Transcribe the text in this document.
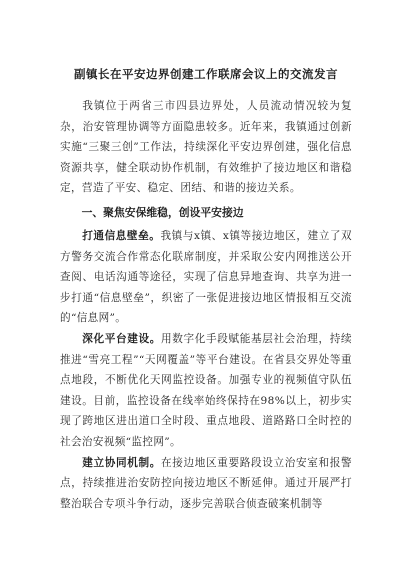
副镇长在平安边界创建工作联席会议上的交流发言

我镇位于两省三市四县边界处，人员流动情况较为复杂，治安管理协调等方面隐患较多。近年来，我镇通过创新实施“三聚三创”工作法，持续深化平安边界创建，强化信息资源共享，健全联动协作机制，有效维护了接边地区和谐稳定，营造了平安、稳定、团结、和谐的接边关系。

一、聚焦安保维稳，创设平安接边

打通信息壁垒。我镇与x镇、x镇等接边地区，建立了双方警务交流合作常态化联席制度，并采取公安内网推送公开查阅、电话沟通等途径，实现了信息异地查询、共享为进一步打通“信息壁垒”，织密了一张促进接边地区情报相互交流的“信息网”。

深化平台建设。用数字化手段赋能基层社会治理，持续推进“雪亮工程”“天网覆盖”等平台建设。在省县交界处等重点地段，不断优化天网监控设备。加强专业的视频值守队伍建设。目前，监控设备在线率始终保持在98%以上，初步实现了跨地区进出道口全时段、重点地段、道路路口全时控的社会治安视频“监控网”。

建立协同机制。在接边地区重要路段设立治安室和报警点，持续推进治安防控向接边地区不断延伸。通过开展严打整治联合专项斗争行动，逐步完善联合侦查破案机制等
